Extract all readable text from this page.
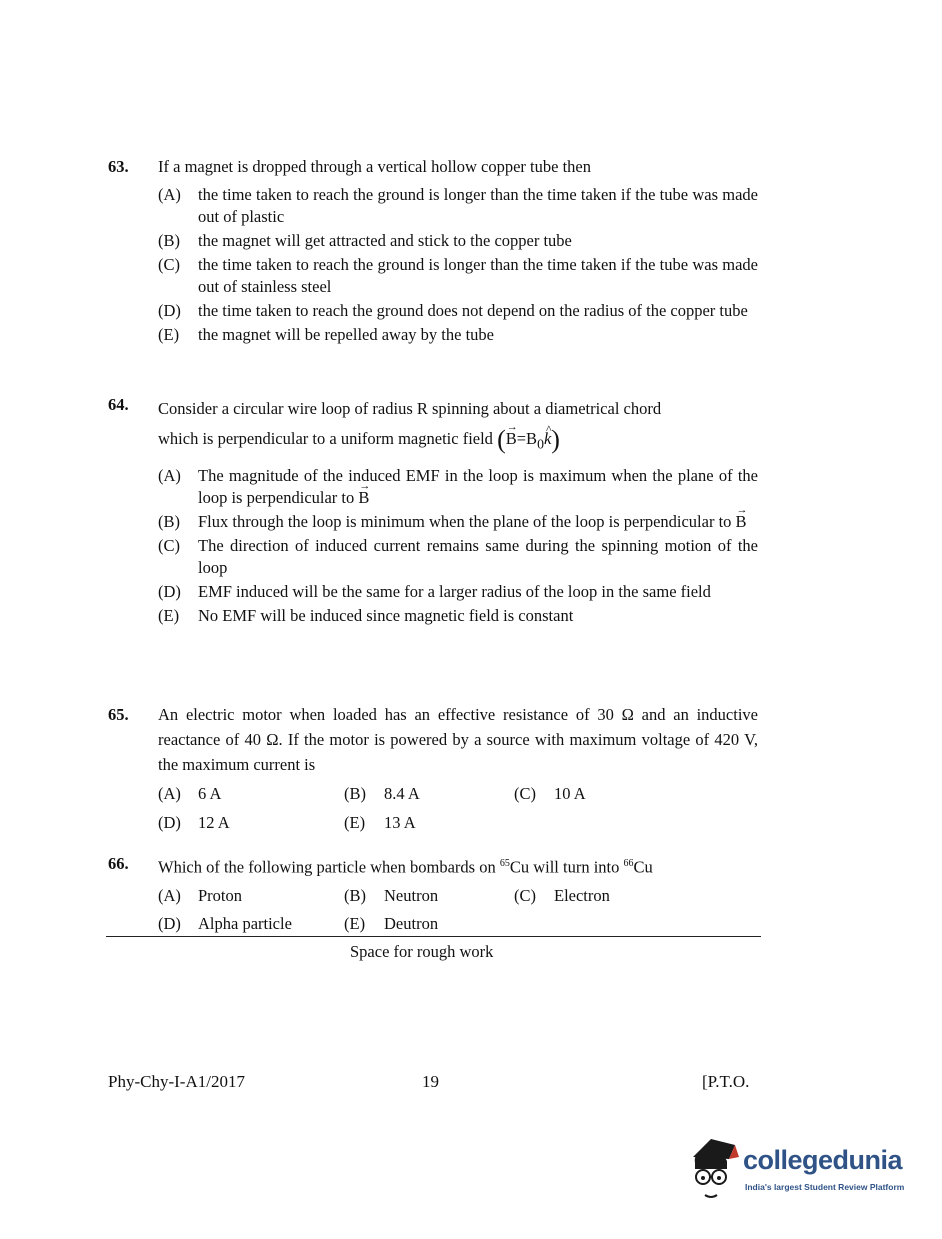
63. If a magnet is dropped through a vertical hollow copper tube then
(A)	the time taken to reach the ground is longer than the time taken if the tube was made out of plastic
(B)	the magnet will get attracted and stick to the copper tube
(C)	the time taken to reach the ground is longer than the time taken if the tube was made out of stainless steel
(D)	the time taken to reach the ground does not depend on the radius of the copper tube
(E)	the magnet will be repelled away by the tube
64. Consider a circular wire loop of radius R spinning about a diametrical chord
which is perpendicular to a uniform magnetic field (→ $B=B_0\^{}$ k)
(A)	The magnitude of the induced EMF in the loop is maximum when the plane of the loop is perpendicular to → B
(B)	Flux through the loop is minimum when the plane of the loop is perpendicular to → B
(C)	The direction of induced current remains same during the spinning motion of the loop
(D)	EMF induced will be the same for a larger radius of the loop in the same field
(E)	No EMF will be induced since magnetic field is constant
65. An electric motor when loaded has an effective resistance of 30 Ω and an inductive reactance of 40 Ω. If the motor is powered by a source with maximum voltage of 420 V, the maximum current is
(A) 6 A	(B) 8.4 A	(C) 10 A
(D) 12 A	(E) 13 A
66. Which of the following particle when bombards on $^{65}$Cu will turn into $^{66}$Cu
(A) Proton	(B) Neutron	(C) Electron
(D) Alpha particle	(E) Deutron
Space for rough work
Phy-Chy-I-A1/2017	19	[P.T.O.
collegedunia
India's largest Student Review Platform
